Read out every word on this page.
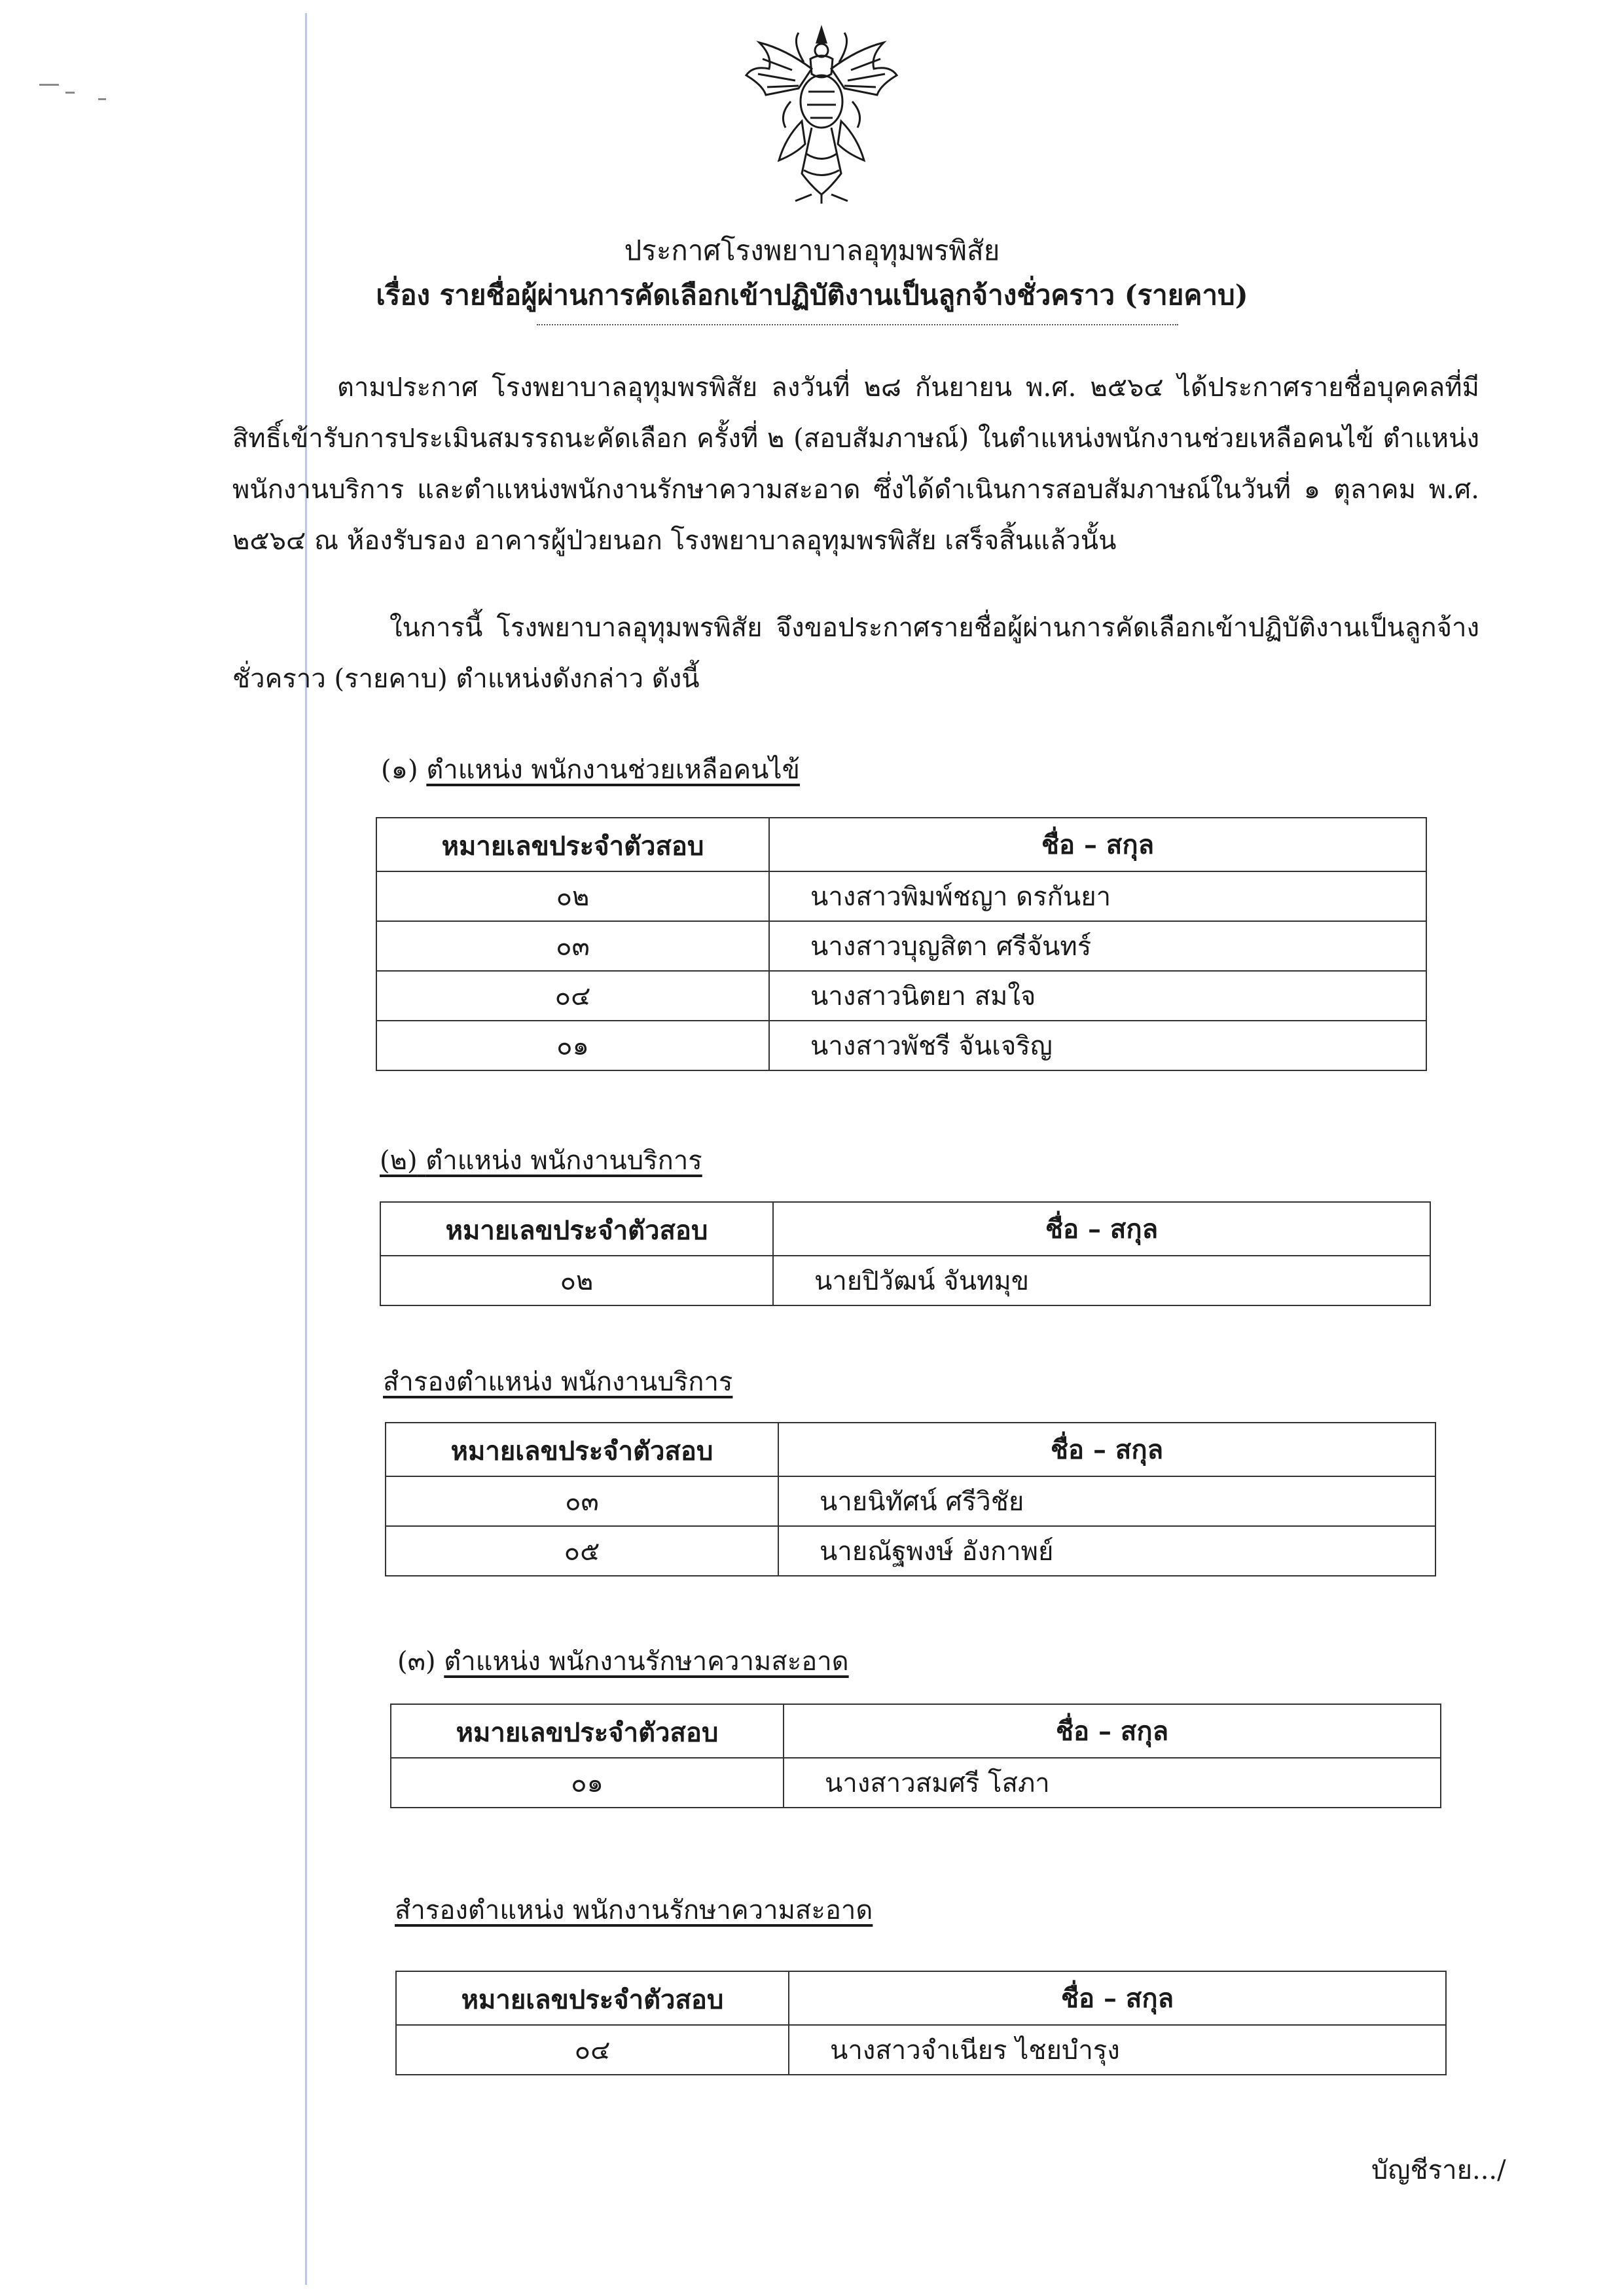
ประกาศโรงพยาบาลอุทุมพรพิสัย
เรื่อง รายชื่อผู้ผ่านการคัดเลือกเข้าปฏิบัติงานเป็นลูกจ้างชั่วคราว (รายคาบ)

ตามประกาศ โรงพยาบาลอุทุมพรพิสัย ลงวันที่ ๒๘ กันยายน พ.ศ. ๒๕๖๔ ได้ประกาศรายชื่อบุคคลที่มีสิทธิ์เข้ารับการประเมินสมรรถนะคัดเลือก ครั้งที่ ๒ (สอบสัมภาษณ์) ในตำแหน่งพนักงานช่วยเหลือคนไข้ ตำแหน่งพนักงานบริการ และตำแหน่งพนักงานรักษาความสะอาด ซึ่งได้ดำเนินการสอบสัมภาษณ์ในวันที่ ๑ ตุลาคม พ.ศ. ๒๕๖๔ ณ ห้องรับรอง อาคารผู้ป่วยนอก โรงพยาบาลอุทุมพรพิสัย เสร็จสิ้นแล้วนั้น

ในการนี้ โรงพยาบาลอุทุมพรพิสัย จึงขอประกาศรายชื่อผู้ผ่านการคัดเลือกเข้าปฏิบัติงานเป็นลูกจ้างชั่วคราว (รายคาบ) ตำแหน่งดังกล่าว ดังนี้

(๑) ตำแหน่ง พนักงานช่วยเหลือคนไข้
หมายเลขประจำตัวสอบ	ชื่อ – สกุล
๐๒	นางสาวพิมพ์ชญา ดรกันยา
๐๓	นางสาวบุญสิตา ศรีจันทร์
๐๔	นางสาวนิตยา สมใจ
๐๑	นางสาวพัชรี จันเจริญ
(๒) ตำแหน่ง พนักงานบริการ
หมายเลขประจำตัวสอบ	ชื่อ – สกุล
๐๒	นายปิวัฒน์ จันทมุข
สำรองตำแหน่ง พนักงานบริการ
หมายเลขประจำตัวสอบ	ชื่อ – สกุล
๐๓	นายนิทัศน์ ศรีวิชัย
๐๕	นายณัฐพงษ์ อังกาพย์
(๓) ตำแหน่ง พนักงานรักษาความสะอาด
หมายเลขประจำตัวสอบ	ชื่อ – สกุล
๐๑	นางสาวสมศรี โสภา
สำรองตำแหน่ง พนักงานรักษาความสะอาด
หมายเลขประจำตัวสอบ	ชื่อ – สกุล
๐๔	นางสาวจำเนียร ไชยบำรุง
บัญชีราย.../
